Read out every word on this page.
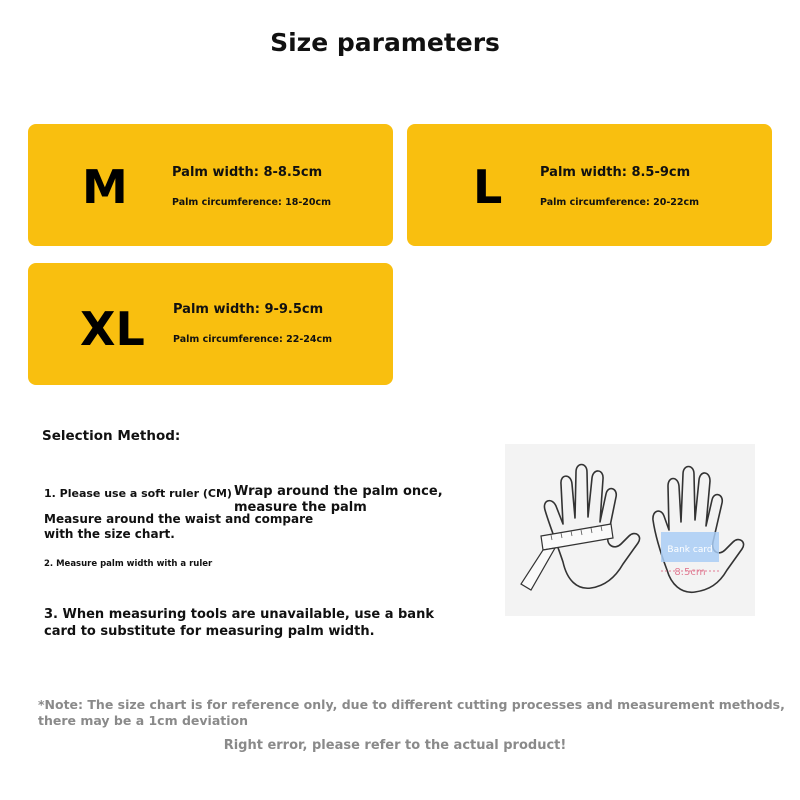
Size parameters
M	Palm width: 8-8.5cm
Palm circumference: 18-20cm	L	Palm width: 8.5-9cm
Palm circumference: 20-22cm
XL Palm width: 9-9.5cm
Palm circumference: 22-24cm
Selection Method:
1. Please use a soft ruler (CM) Wrap around the palm once,
measure the palm
Measure around the waist and compare
with the size chart.
2. Measure palm width with a ruler
3. When measuring tools are unavailable, use a bank
card to substitute for measuring palm width.
Bank card
8.5cm
*Note: The size chart is for reference only, due to different cutting processes and measurement methods,
there may be a 1cm deviation
Right error, please refer to the actual product!
